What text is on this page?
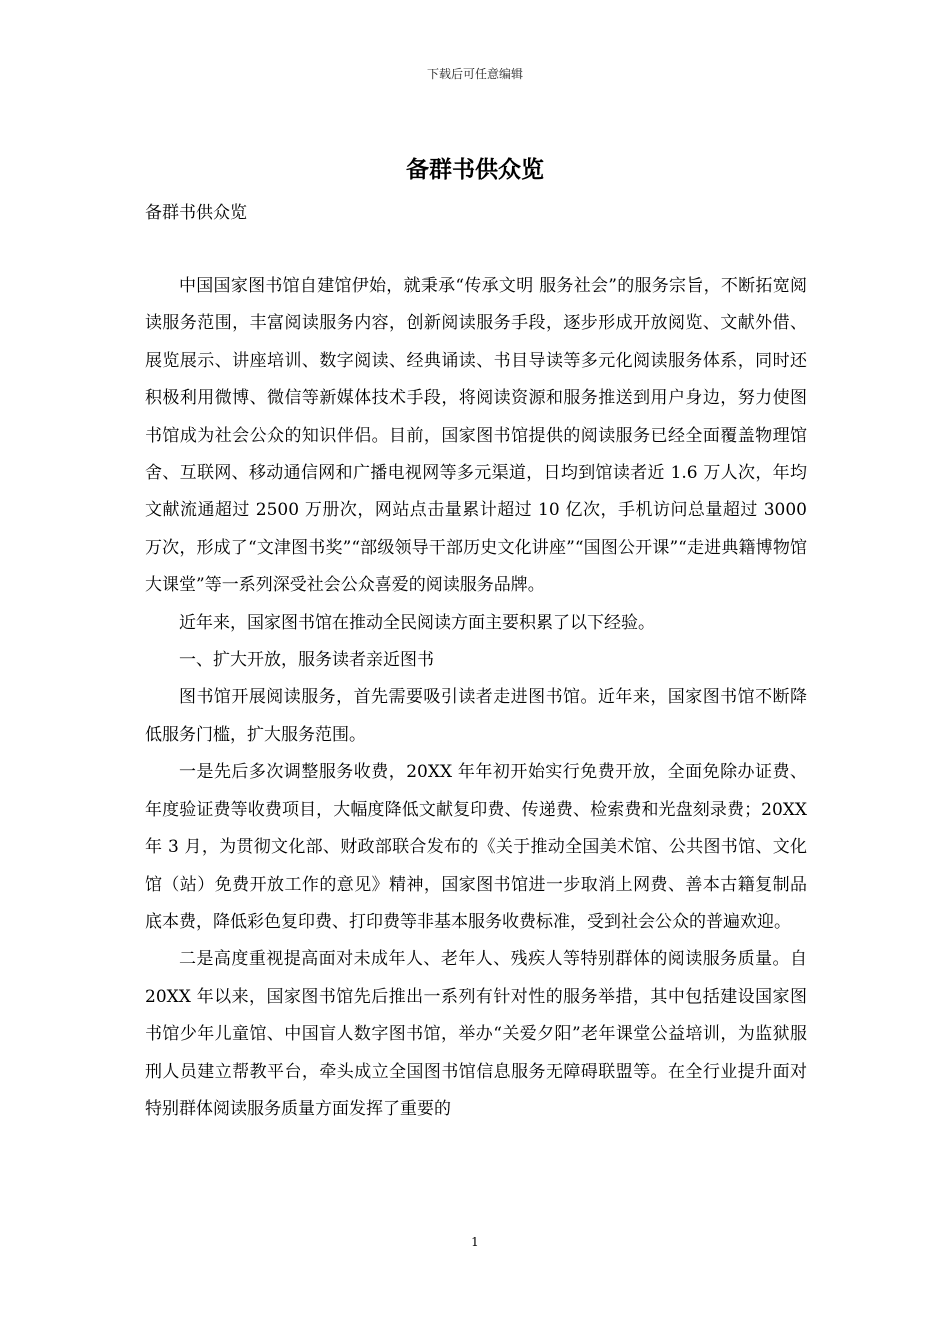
下载后可任意编辑
备群书供众览

备群书供众览

中国国家图书馆自建馆伊始，就秉承“传承文明 服务社会”的服务宗旨，不断拓宽阅读服务范围，丰富阅读服务内容，创新阅读服务手段，逐步形成开放阅览、文献外借、展览展示、讲座培训、数字阅读、经典诵读、书目导读等多元化阅读服务体系，同时还积极利用微博、微信等新媒体技术手段，将阅读资源和服务推送到用户身边，努力使图书馆成为社会公众的知识伴侣。目前，国家图书馆提供的阅读服务已经全面覆盖物理馆舍、互联网、移动通信网和广播电视网等多元渠道，日均到馆读者近 1.6 万人次，年均文献流通超过 2500 万册次，网站点击量累计超过 10 亿次，手机访问总量超过 3000 万次，形成了“文津图书奖”“部级领导干部历史文化讲座”“国图公开课”“走进典籍博物馆大课堂”等一系列深受社会公众喜爱的阅读服务品牌。

近年来，国家图书馆在推动全民阅读方面主要积累了以下经验。

一、扩大开放，服务读者亲近图书

图书馆开展阅读服务，首先需要吸引读者走进图书馆。近年来，国家图书馆不断降低服务门槛，扩大服务范围。

一是先后多次调整服务收费，20XX 年年初开始实行免费开放，全面免除办证费、年度验证费等收费项目，大幅度降低文献复印费、传递费、检索费和光盘刻录费；20XX 年 3 月，为贯彻文化部、财政部联合发布的《关于推动全国美术馆、公共图书馆、文化馆（站）免费开放工作的意见》精神，国家图书馆进一步取消上网费、善本古籍复制品底本费，降低彩色复印费、打印费等非基本服务收费标准，受到社会公众的普遍欢迎。

二是高度重视提高面对未成年人、老年人、残疾人等特别群体的阅读服务质量。自 20XX 年以来，国家图书馆先后推出一系列有针对性的服务举措，其中包括建设国家图书馆少年儿童馆、中国盲人数字图书馆，举办“关爱夕阳”老年课堂公益培训，为监狱服刑人员建立帮教平台，牵头成立全国图书馆信息服务无障碍联盟等。在全行业提升面对特别群体阅读服务质量方面发挥了重要的

1
